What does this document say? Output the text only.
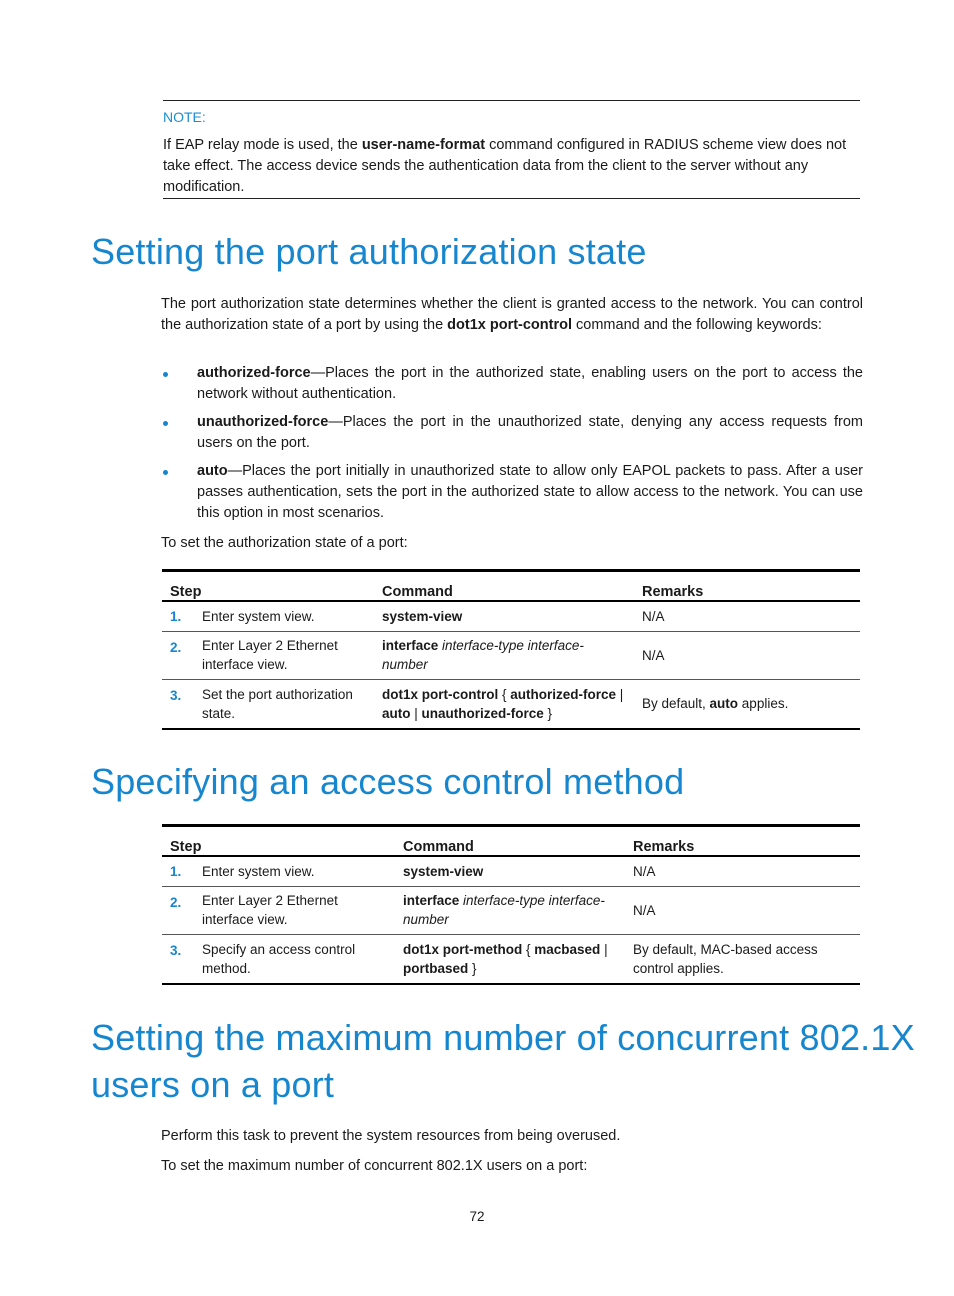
NOTE:
If EAP relay mode is used, the user-name-format command configured in RADIUS scheme view does not take effect. The access device sends the authentication data from the client to the server without any modification.
Setting the port authorization state
The port authorization state determines whether the client is granted access to the network. You can control the authorization state of a port by using the dot1x port-control command and the following keywords:
authorized-force—Places the port in the authorized state, enabling users on the port to access the network without authentication.
unauthorized-force—Places the port in the unauthorized state, denying any access requests from users on the port.
auto—Places the port initially in unauthorized state to allow only EAPOL packets to pass. After a user passes authentication, sets the port in the authorized state to allow access to the network. You can use this option in most scenarios.
To set the authorization state of a port:
Step		Command	Remarks
1.	Enter system view.	system-view	N/A
2.	Enter Layer 2 Ethernet interface view.	interface interface-type interface-number	N/A
3.	Set the port authorization state.	dot1x port-control { authorized-force | auto | unauthorized-force }	By default, auto applies.
Specifying an access control method
Step		Command	Remarks
1.	Enter system view.	system-view	N/A
2.	Enter Layer 2 Ethernet interface view.	interface interface-type interface-number	N/A
3.	Specify an access control method.	dot1x port-method { macbased | portbased }	By default, MAC-based access control applies.
Setting the maximum number of concurrent 802.1X
users on a port
Perform this task to prevent the system resources from being overused.
To set the maximum number of concurrent 802.1X users on a port:
72
